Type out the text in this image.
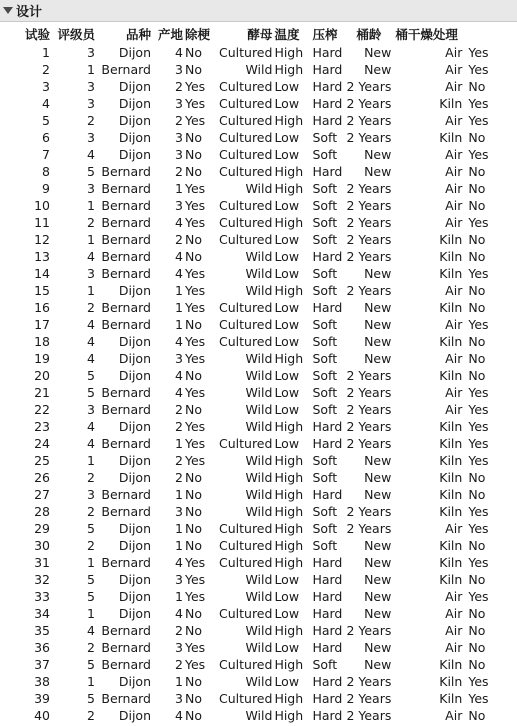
设计
试验	评级员	品种	产地	除梗	酵母	温度	压榨	桶龄	桶干燥处理	
1	3	Dijon	4	No	Cultured	High	Hard	New	Air	Yes
2	1	Bernard	3	No	Wild	High	Hard	New	Air	Yes
3	3	Dijon	2	Yes	Cultured	Low	Hard	2 Years	Air	No
4	3	Dijon	3	Yes	Cultured	Low	Hard	2 Years	Kiln	Yes
5	2	Dijon	2	Yes	Cultured	High	Hard	2 Years	Air	Yes
6	3	Dijon	3	No	Cultured	Low	Soft	2 Years	Kiln	No
7	4	Dijon	3	No	Cultured	Low	Soft	New	Air	Yes
8	5	Bernard	2	No	Cultured	High	Hard	New	Air	No
9	3	Bernard	1	Yes	Wild	High	Soft	2 Years	Air	No
10	1	Bernard	3	Yes	Cultured	Low	Soft	2 Years	Air	No
11	2	Bernard	4	Yes	Cultured	High	Soft	2 Years	Air	Yes
12	1	Bernard	2	No	Cultured	Low	Soft	2 Years	Kiln	No
13	4	Bernard	4	No	Wild	Low	Hard	2 Years	Kiln	No
14	3	Bernard	4	Yes	Wild	Low	Soft	New	Kiln	Yes
15	1	Dijon	1	Yes	Wild	High	Soft	2 Years	Air	No
16	2	Bernard	1	Yes	Cultured	Low	Hard	New	Kiln	No
17	4	Bernard	1	No	Cultured	Low	Soft	New	Air	Yes
18	4	Dijon	4	Yes	Cultured	Low	Soft	New	Kiln	No
19	4	Dijon	3	Yes	Wild	High	Soft	New	Air	No
20	5	Dijon	4	No	Wild	Low	Soft	2 Years	Kiln	No
21	5	Bernard	4	Yes	Wild	Low	Soft	2 Years	Air	Yes
22	3	Bernard	2	No	Wild	Low	Soft	2 Years	Air	Yes
23	4	Dijon	2	Yes	Wild	High	Hard	2 Years	Kiln	Yes
24	4	Bernard	1	Yes	Cultured	Low	Hard	2 Years	Kiln	Yes
25	1	Dijon	2	Yes	Wild	High	Soft	New	Kiln	Yes
26	2	Dijon	2	No	Wild	High	Soft	New	Kiln	No
27	3	Bernard	1	No	Wild	High	Hard	New	Kiln	No
28	2	Bernard	3	No	Wild	High	Soft	2 Years	Kiln	Yes
29	5	Dijon	1	No	Cultured	High	Soft	2 Years	Air	Yes
30	2	Dijon	1	No	Cultured	High	Soft	New	Kiln	No
31	1	Bernard	4	Yes	Cultured	High	Hard	New	Kiln	Yes
32	5	Dijon	3	Yes	Wild	Low	Hard	New	Kiln	No
33	5	Dijon	1	Yes	Wild	Low	Hard	New	Air	Yes
34	1	Dijon	4	No	Cultured	Low	Hard	New	Air	No
35	4	Bernard	2	No	Wild	High	Hard	2 Years	Air	No
36	2	Bernard	3	Yes	Wild	Low	Hard	New	Air	No
37	5	Bernard	2	Yes	Cultured	High	Soft	New	Kiln	No
38	1	Dijon	1	No	Wild	Low	Hard	2 Years	Kiln	Yes
39	5	Bernard	3	No	Cultured	High	Hard	2 Years	Kiln	Yes
40	2	Dijon	4	No	Wild	High	Hard	2 Years	Air	No
